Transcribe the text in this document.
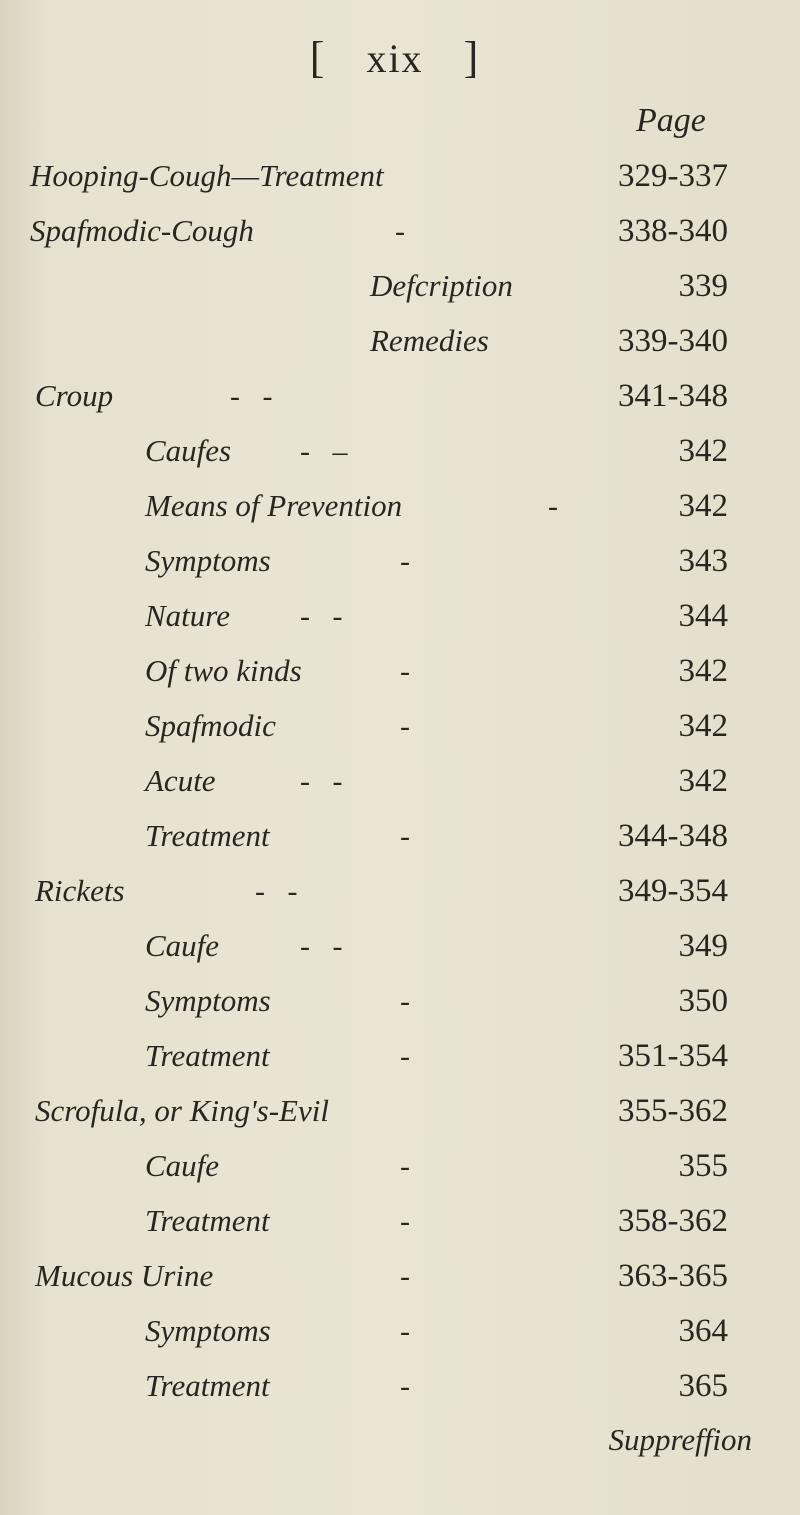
[ xix ]
Page
Hooping-Cough—Treatment	329-337
Spafmodic-Cough	-	338-340
Defcription	339
Remedies	339-340
Croup	-   -	341-348
Caufes -   –	342
Means of Prevention	-	342
Symptoms	-	343
Nature -   -	344
Of two kinds	-	342
Spafmodic	-	342
Acute	-   -	342
Treatment	-	344-348
Rickets	-   -	349-354
Caufe	-   -	349
Symptoms	-	350
Treatment	-	351-354
Scrofula, or King's-Evil	355-362
Caufe	-	355
Treatment	-	358-362
Mucous Urine	-	363-365
Symptoms	-	364
Treatment	-	365
Suppreffion
